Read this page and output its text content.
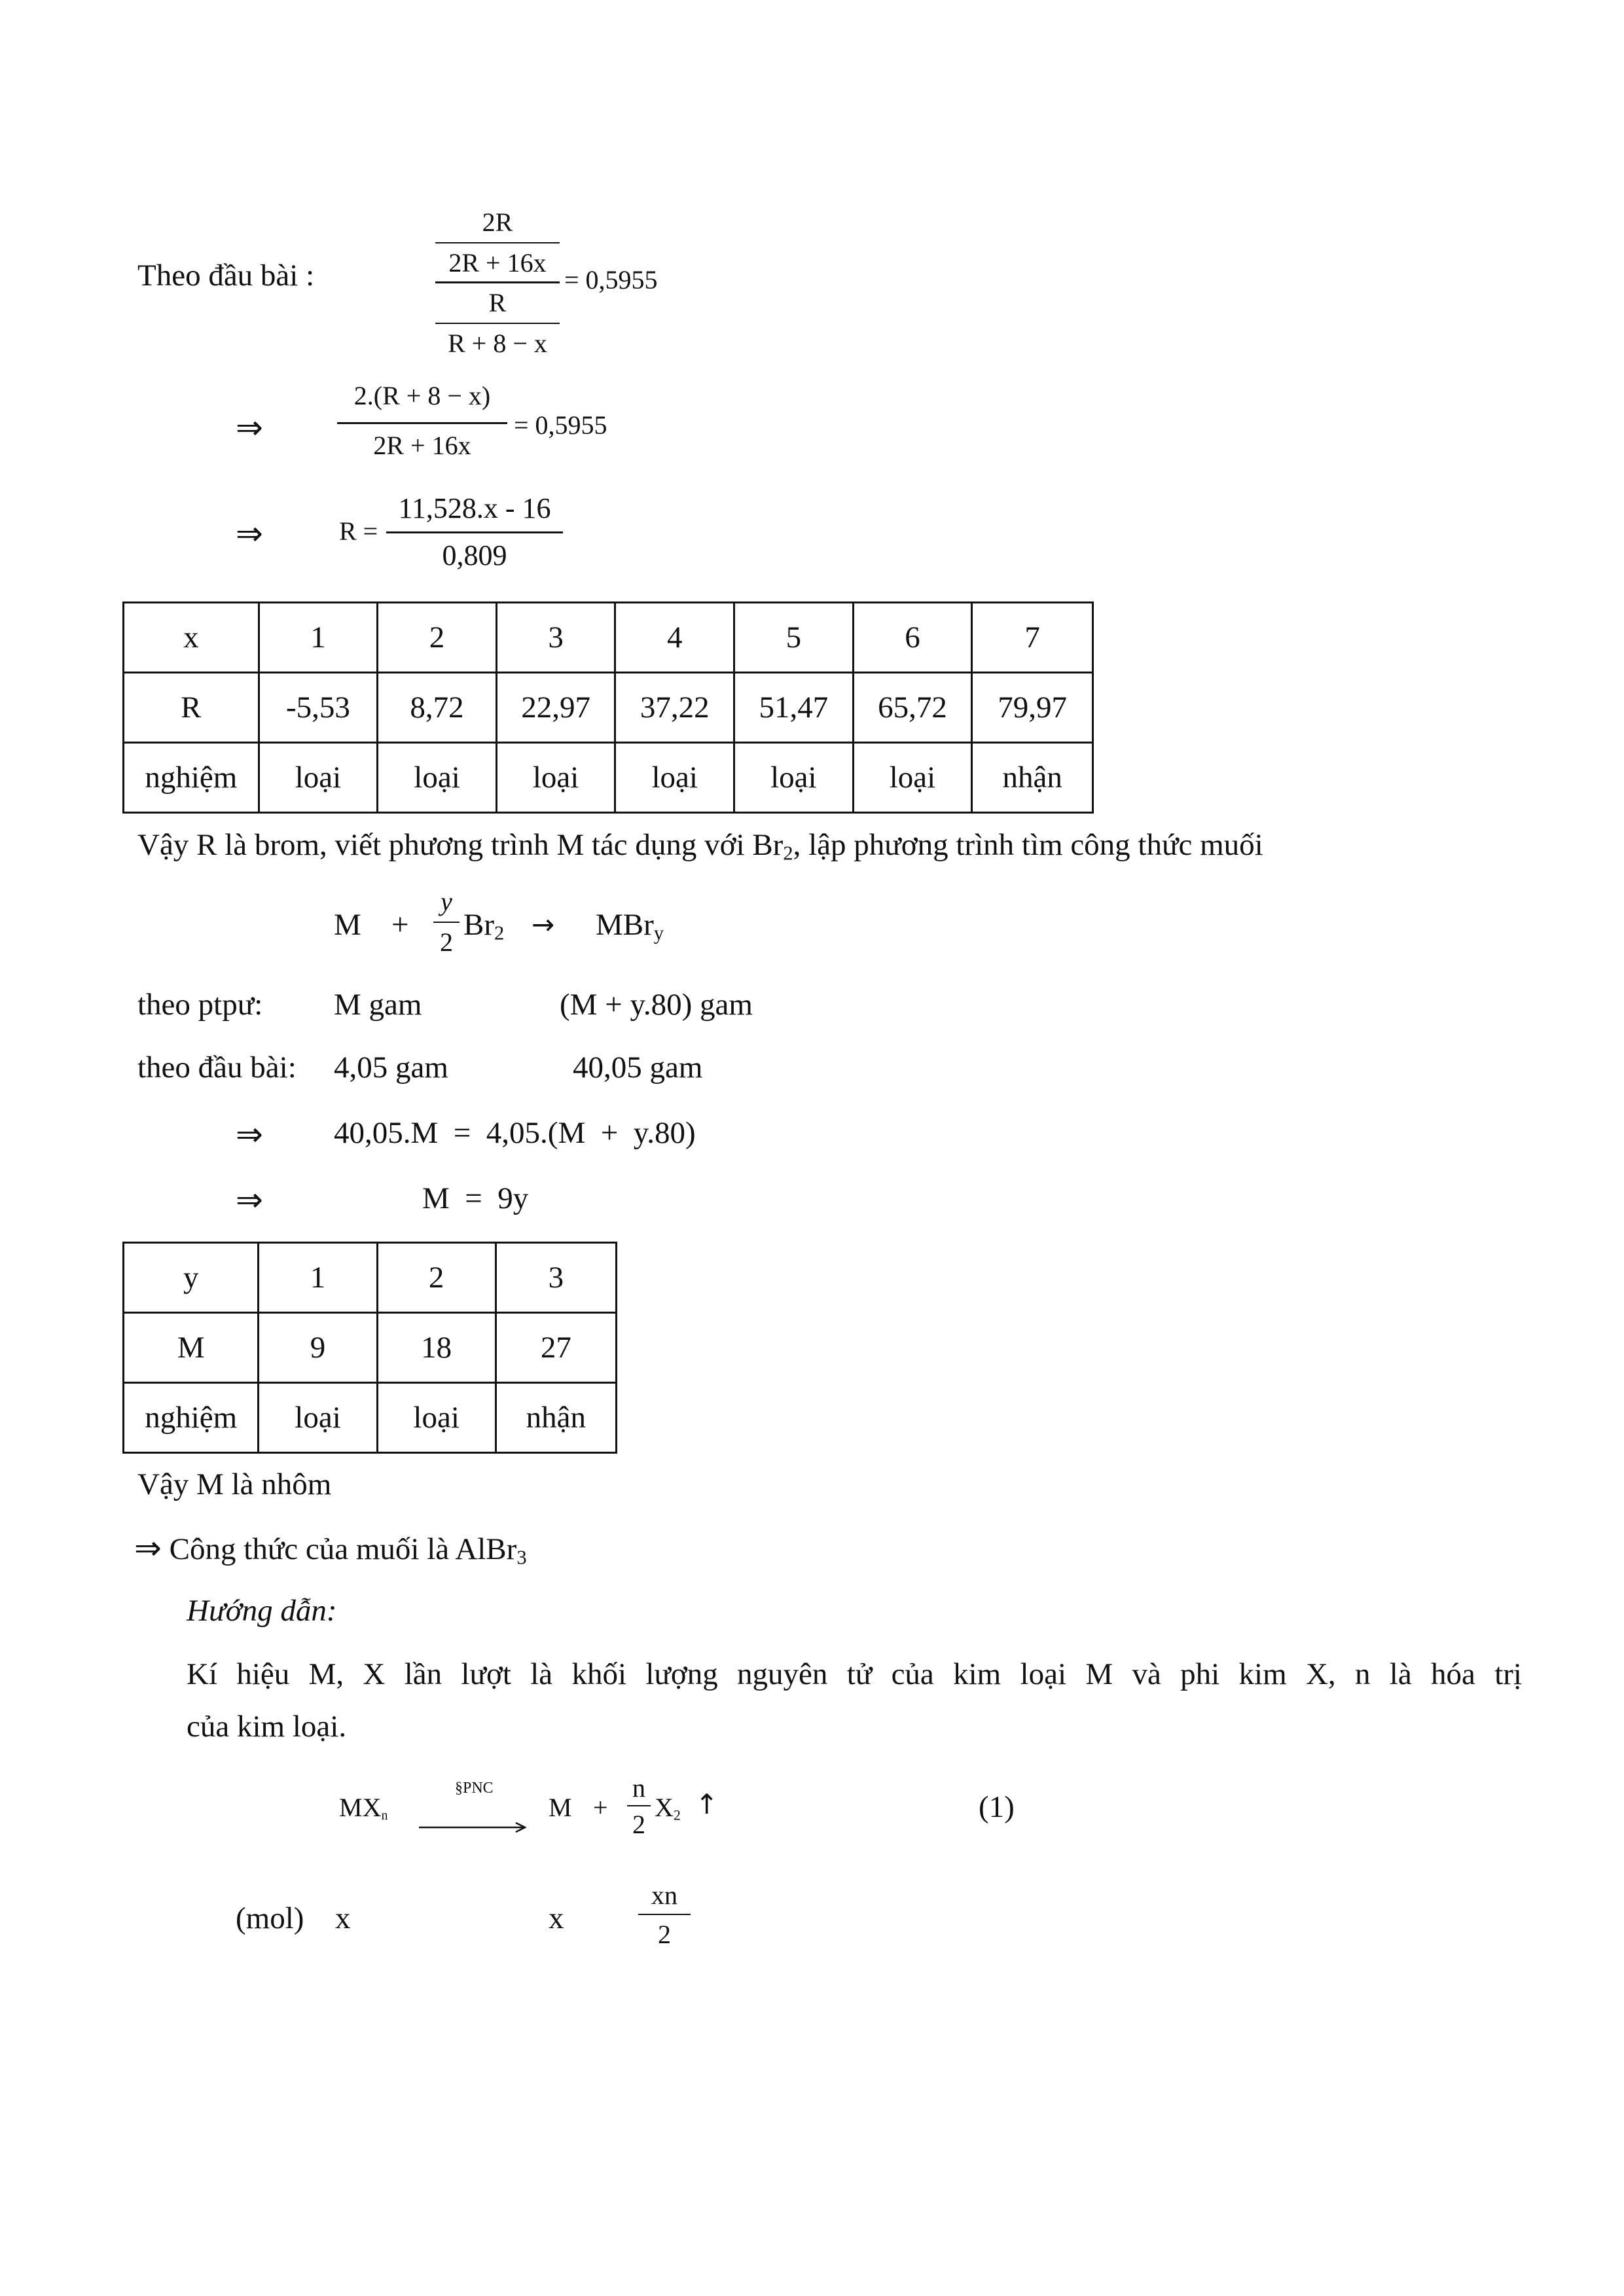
Theo đầu bài :
2R
2R + 16x
R
R + 8 − x
= 0,5955
⇒
2.(R + 8 − x)
2R + 16x
= 0,5955
⇒	R =
11,528.x - 16
0,809
x	1	2	3	4	5	6	7
R	-5,53	8,72	22,97	37,22	51,47	65,72	79,97
nghiệm	loại	loại	loại	loại	loại	loại	nhận
Vậy R là brom, viết phương trình M tác dụng với $Br_2$, lập phương trình tìm công thức muối
M +
y
2
$Br_2 \to MBr_y$
theo ptpư: M gam	(M + y.80) gam
theo đầu bài: 4,05 gam	40,05 gam
⇒ 40,05.M  =  4,05.(M  +  y.80)
⇒	M  =  9y
y	1	2	3
M	9	18	27
nghiệm	loại	loại	nhận
Vậy M là nhôm
⇒ Công thức của muối là AlBr$_3$
Hướng dẫn:
Kí hiệu M, X lần lượt là khối lượng nguyên tử của kim loại M và phi kim X, n là hóa trị
của kim loại.
$MX_n$
§PNC
M +
n
2
$X_2$ ↑	(1)
(mol) x	x
xn
2
